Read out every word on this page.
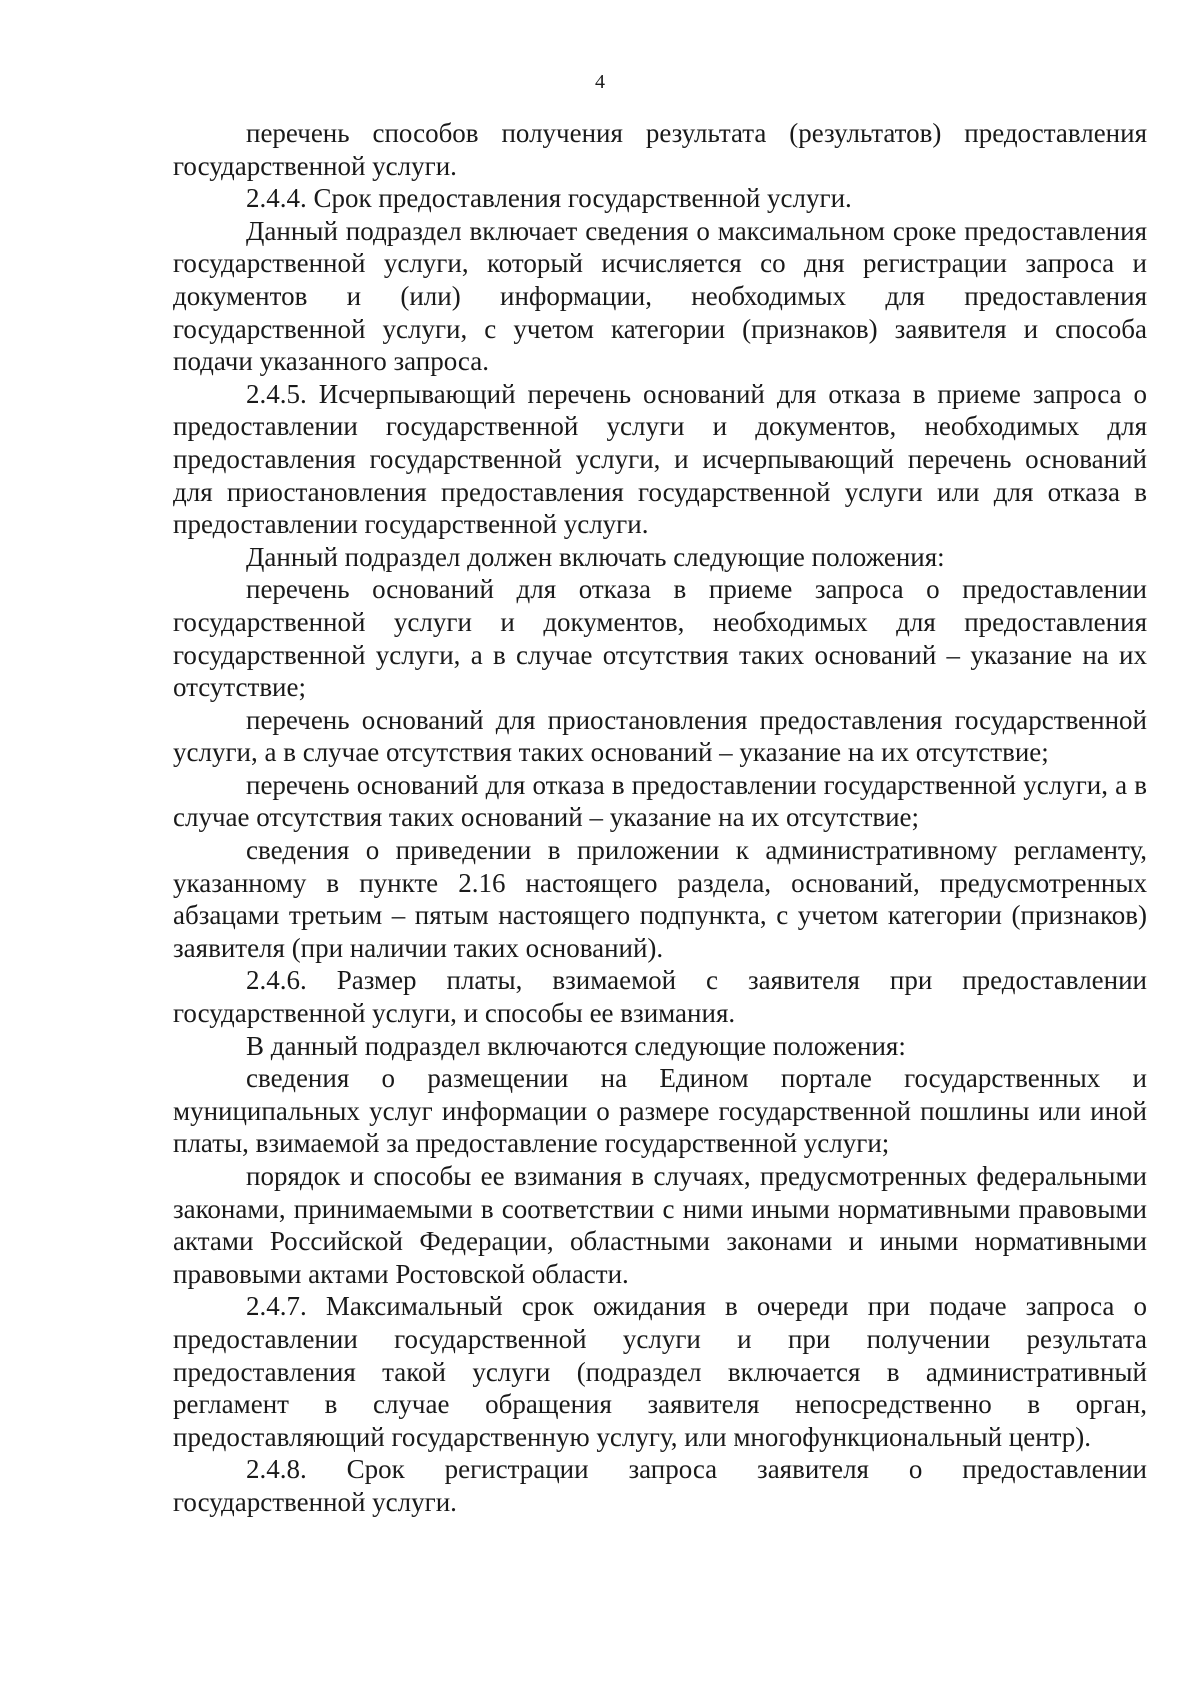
4

перечень способов получения результата (результатов) предоставления государственной услуги.

2.4.4. Срок предоставления государственной услуги.

Данный подраздел включает сведения о максимальном сроке предоставления государственной услуги, который исчисляется со дня регистрации запроса и документов и (или) информации, необходимых для предоставления государственной услуги, с учетом категории (признаков) заявителя и способа подачи указанного запроса.

2.4.5. Исчерпывающий перечень оснований для отказа в приеме запроса о предоставлении государственной услуги и документов, необходимых для предоставления государственной услуги, и исчерпывающий перечень оснований для приостановления предоставления государственной услуги или для отказа в предоставлении государственной услуги.

Данный подраздел должен включать следующие положения:

перечень оснований для отказа в приеме запроса о предоставлении государственной услуги и документов, необходимых для предоставления государственной услуги, а в случае отсутствия таких оснований – указание на их отсутствие;

перечень оснований для приостановления предоставления государственной услуги, а в случае отсутствия таких оснований – указание на их отсутствие;

перечень оснований для отказа в предоставлении государственной услуги, а в случае отсутствия таких оснований – указание на их отсутствие;

сведения о приведении в приложении к административному регламенту, указанному в пункте 2.16 настоящего раздела, оснований, предусмотренных абзацами третьим – пятым настоящего подпункта, с учетом категории (признаков) заявителя (при наличии таких оснований).

2.4.6. Размер платы, взимаемой с заявителя при предоставлении государственной услуги, и способы ее взимания.

В данный подраздел включаются следующие положения:

сведения о размещении на Едином портале государственных и муниципальных услуг информации о размере государственной пошлины или иной платы, взимаемой за предоставление государственной услуги;

порядок и способы ее взимания в случаях, предусмотренных федеральными законами, принимаемыми в соответствии с ними иными нормативными правовыми актами Российской Федерации, областными законами и иными нормативными правовыми актами Ростовской области.

2.4.7. Максимальный срок ожидания в очереди при подаче запроса о предоставлении государственной услуги и при получении результата предоставления такой услуги (подраздел включается в административный регламент в случае обращения заявителя непосредственно в орган, предоставляющий государственную услугу, или многофункциональный центр).

2.4.8. Срок регистрации запроса заявителя о предоставлении государственной услуги.
